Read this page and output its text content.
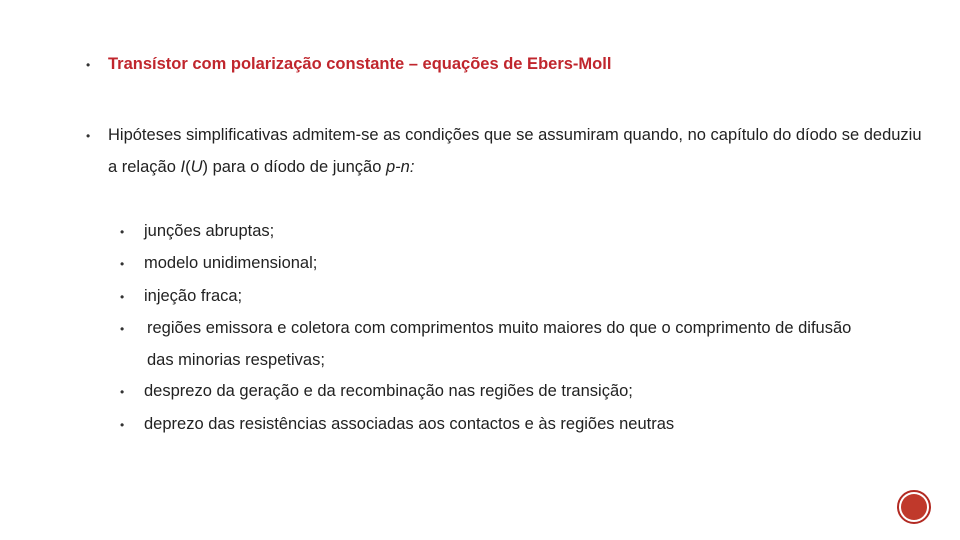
•	Transístor com polarização constante – equações de Ebers-Moll
•	Hipóteses simplificativas admitem-se as condições que se assumiram quando, no capítulo do díodo se deduziu a relação I(U) para o díodo de junção p-n:
•	junções abruptas;
•	modelo unidimensional;
•	injeção fraca;
•	regiões emissora e coletora com comprimentos muito maiores do que o comprimento de difusão das minorias respetivas;
•	desprezo da geração e da recombinação nas regiões de transição;
•	deprezo das resistências associadas aos contactos e às regiões neutras
